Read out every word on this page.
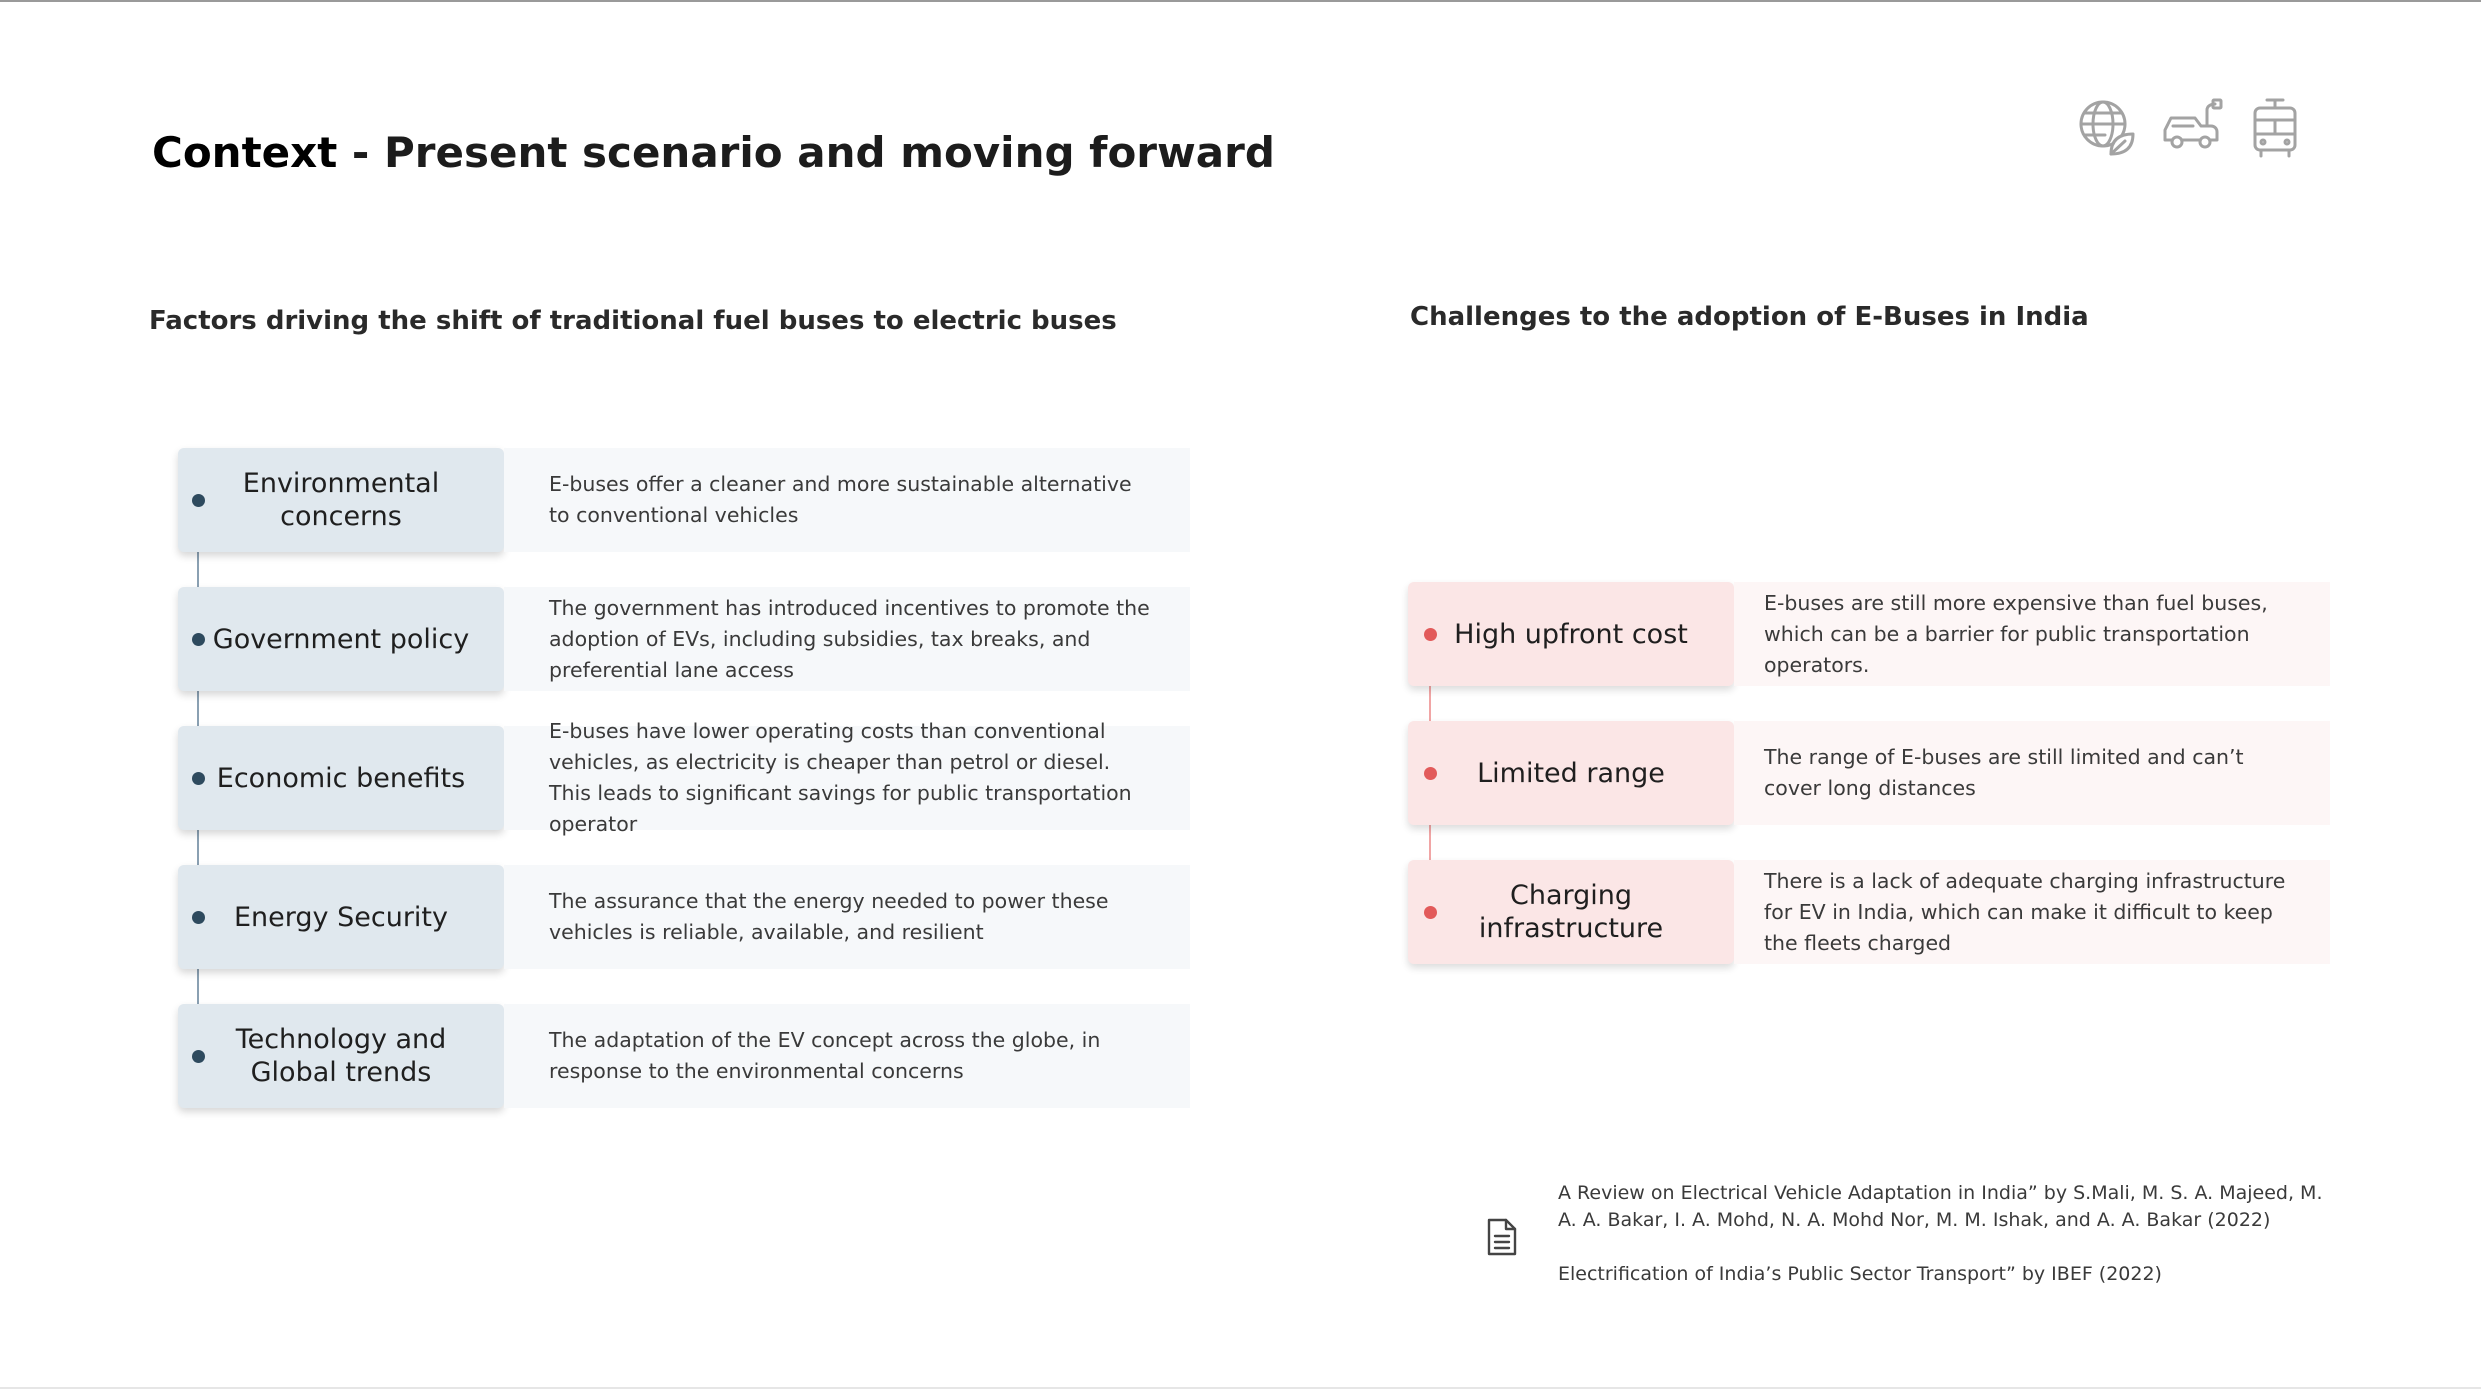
Context - Present scenario and moving forward
Factors driving the shift of traditional fuel buses to electric buses	Challenges to the adoption of E-Buses in India
Environmental concerns
E-buses offer a cleaner and more sustainable alternative to conventional vehicles
Government policy
The government has introduced incentives to promote the adoption of EVs, including subsidies, tax breaks, and preferential lane access
Economic benefits
E-buses have lower operating costs than conventional vehicles, as electricity is cheaper than petrol or diesel. This leads to significant savings for public transportation operator
Energy Security
The assurance that the energy needed to power these vehicles is reliable, available, and resilient
Technology and Global trends
The adaptation of the EV concept across the globe, in response to the environmental concerns
High upfront cost
E-buses are still more expensive than fuel buses, which can be a barrier for public transportation operators.
Limited range
The range of E-buses are still limited and can’t cover long distances
Charging infrastructure
There is a lack of adequate charging infrastructure for EV in India, which can make it difficult to keep the fleets charged

A Review on Electrical Vehicle Adaptation in India” by S.Mali, M. S. A. Majeed, M. A. A. Bakar, I. A. Mohd, N. A. Mohd Nor, M. M. Ishak, and A. A. Bakar (2022)

Electrification of India’s Public Sector Transport” by IBEF (2022)
